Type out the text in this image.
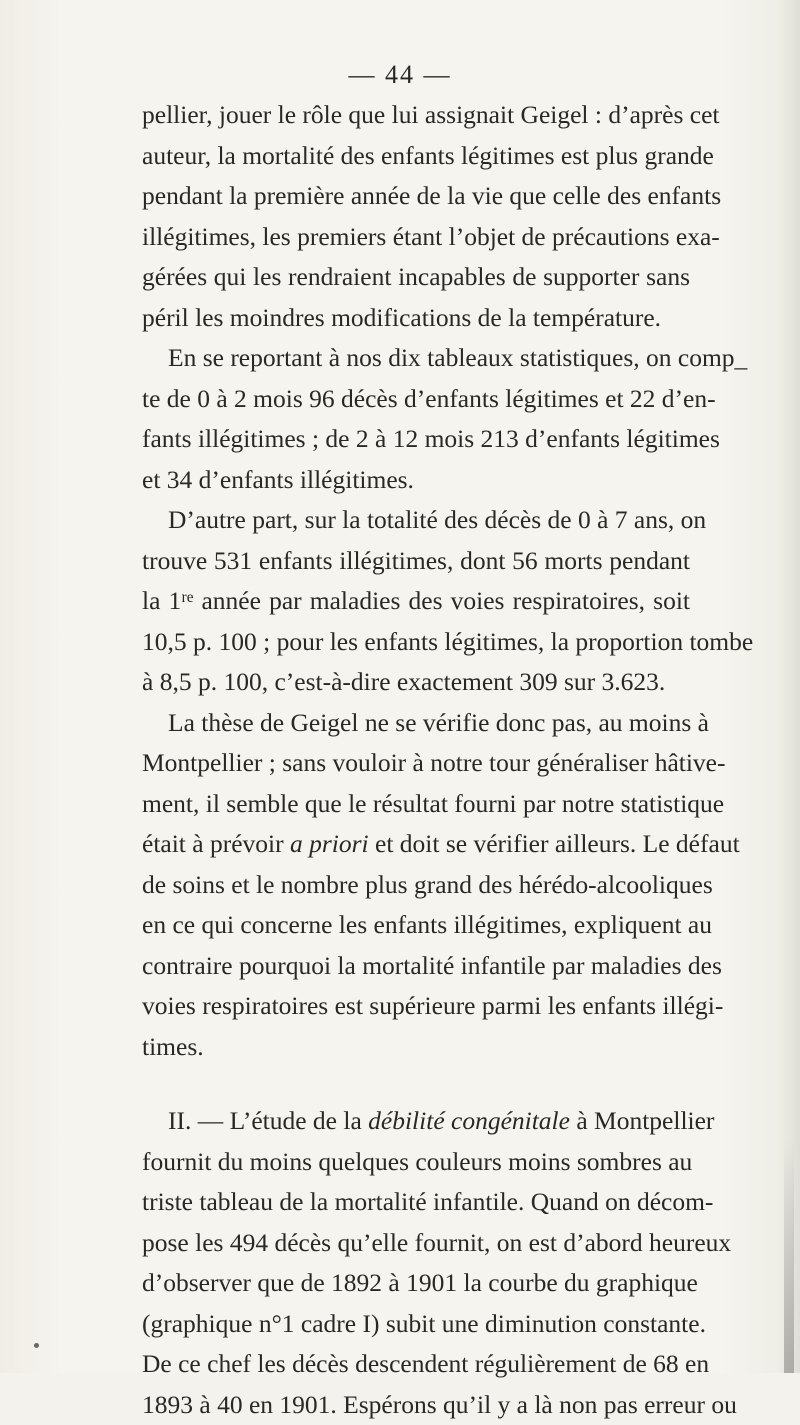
— 44 —
pellier, jouer le rôle que lui assignait Geigel : d’après cet
auteur, la mortalité des enfants légitimes est plus grande
pendant la première année de la vie que celle des enfants
illégitimes, les premiers étant l’objet de précautions exa-
gérées qui les rendraient incapables de supporter sans
péril les moindres modifications de la température.
En se reportant à nos dix tableaux statistiques, on comp_
te de 0 à 2 mois 96 décès d’enfants légitimes et 22 d’en-
fants illégitimes ; de 2 à 12 mois 213 d’enfants légitimes
et 34 d’enfants illégitimes.
D’autre part, sur la totalité des décès de 0 à 7 ans, on
trouve 531 enfants illégitimes, dont 56 morts pendant
la 1ʳᵉ année par maladies des voies respiratoires, soit
10,5 p. 100 ; pour les enfants légitimes, la proportion tombe
à 8,5 p. 100, c’est-à-dire exactement 309 sur 3.623.
La thèse de Geigel ne se vérifie donc pas, au moins à
Montpellier ; sans vouloir à notre tour généraliser hâtive-
ment, il semble que le résultat fourni par notre statistique
était à prévoir a priori et doit se vérifier ailleurs. Le défaut
de soins et le nombre plus grand des hérédo-alcooliques
en ce qui concerne les enfants illégitimes, expliquent au
contraire pourquoi la mortalité infantile par maladies des
voies respiratoires est supérieure parmi les enfants illégi-
times.
II. — L’étude de la débilité congénitale à Montpellier
fournit du moins quelques couleurs moins sombres au
triste tableau de la mortalité infantile. Quand on décom-
pose les 494 décès qu’elle fournit, on est d’abord heureux
d’observer que de 1892 à 1901 la courbe du graphique
(graphique n°1 cadre I) subit une diminution constante.
De ce chef les décès descendent régulièrement de 68 en
1893 à 40 en 1901. Espérons qu’il y a là non pas erreur ou
